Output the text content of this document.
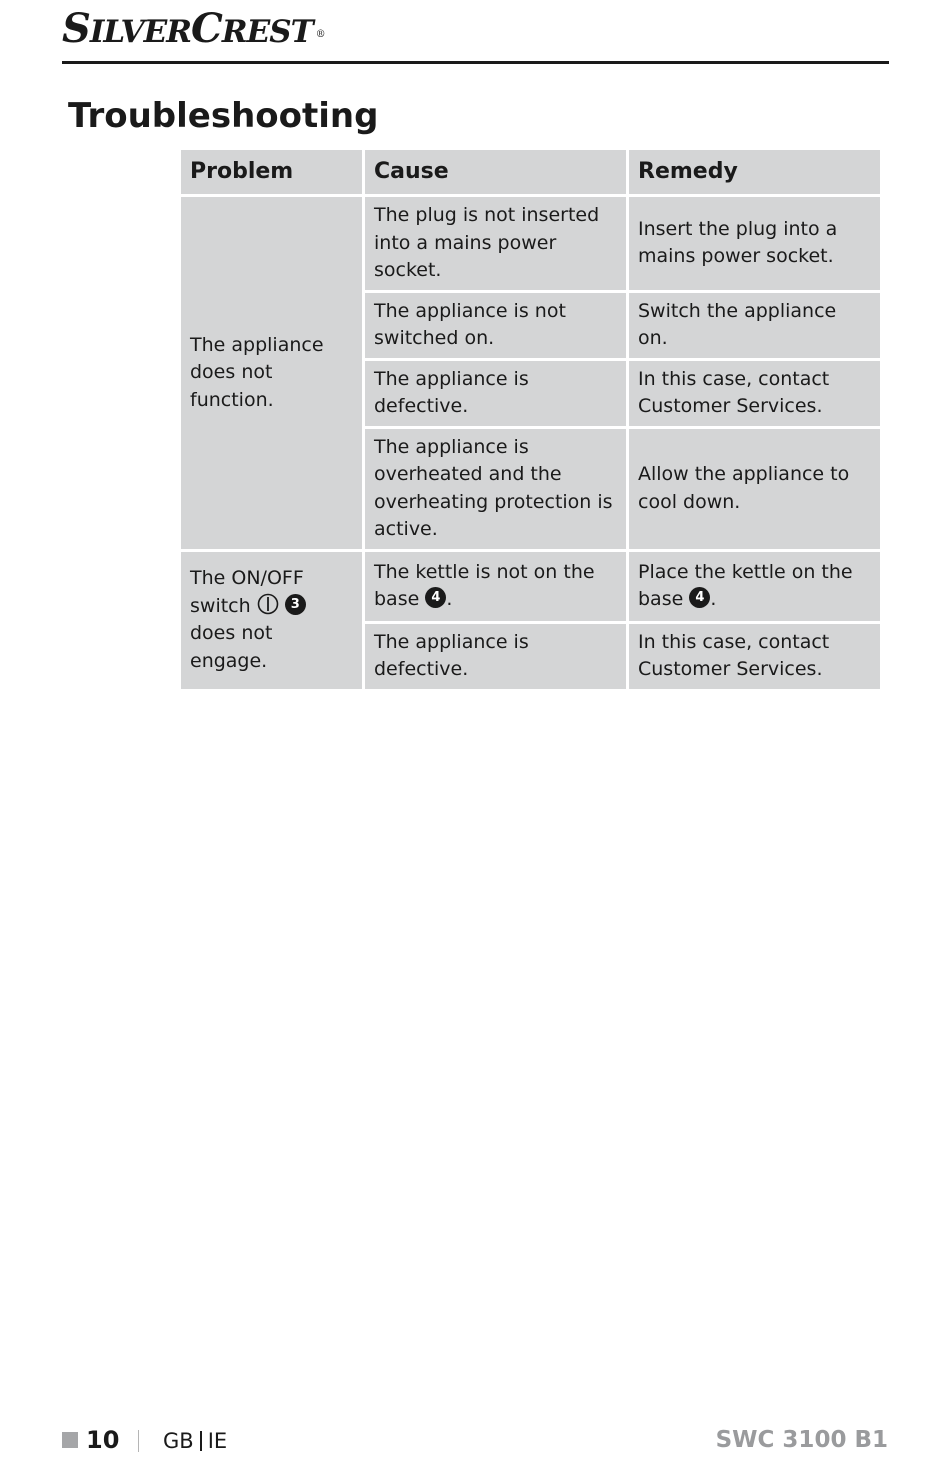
SILVERCREST ®
Troubleshooting
Problem	Cause	Remedy
The appliance does not function.	The plug is not inserted into a mains power socket.	Insert the plug into a mains power socket.
	The appliance is not switched on.	Switch the appliance on.
	The appliance is defective.	In this case, contact Customer Services.
	The appliance is overheated and the overheating protection is active.	Allow the appliance to cool down.
The ON/OFF switch 3 does not engage.	The kettle is not on the base 4 .	Place the kettle on the base 4 .
	The appliance is defective.	In this case, contact Customer Services.
10 GB IE	SWC 3100 B1
